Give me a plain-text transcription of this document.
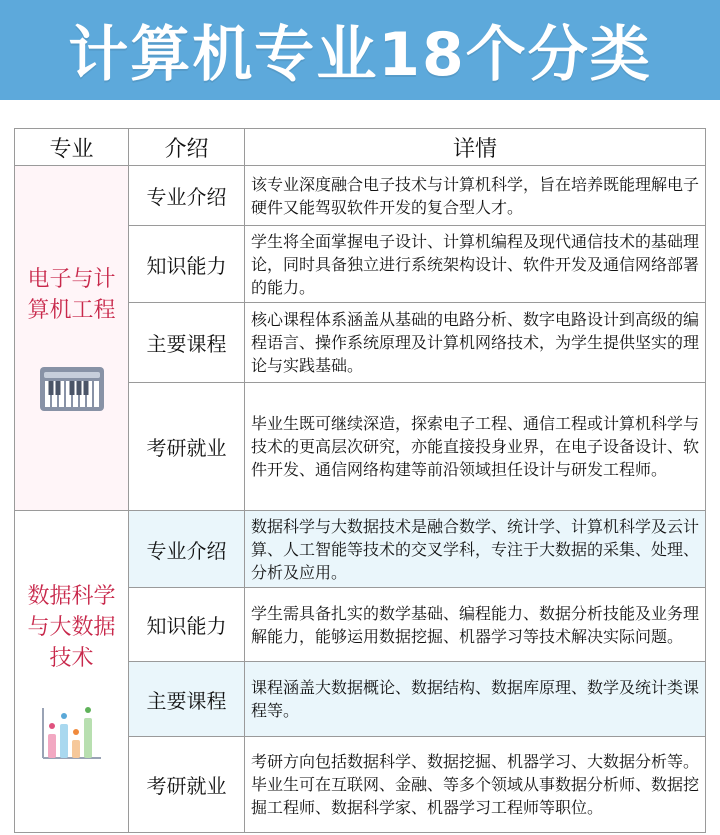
计算机专业18个分类
专业	介绍	详情

电子与计算机工程	专业介绍	该专业深度融合电子技术与计算机科学，旨在培养既能理解电子硬件又能驾驭软件开发的复合型人才。
	知识能力	学生将全面掌握电子设计、计算机编程及现代通信技术的基础理论，同时具备独立进行系统架构设计、软件开发及通信网络部署的能力。
	主要课程	核心课程体系涵盖从基础的电路分析、数字电路设计到高级的编程语言、操作系统原理及计算机网络技术，为学生提供坚实的理论与实践基础。
	考研就业	毕业生既可继续深造，探索电子工程、通信工程或计算机科学与技术的更高层次研究，亦能直接投身业界，在电子设备设计、软件开发、通信网络构建等前沿领域担任设计与研发工程师。

数据科学与大数据技术	专业介绍	数据科学与大数据技术是融合数学、统计学、计算机科学及云计算、人工智能等技术的交叉学科，专注于大数据的采集、处理、分析及应用。
	知识能力	学生需具备扎实的数学基础、编程能力、数据分析技能及业务理解能力，能够运用数据挖掘、机器学习等技术解决实际问题。
	主要课程	课程涵盖大数据概论、数据结构、数据库原理、数学及统计类课程等。
	考研就业	考研方向包括数据科学、数据挖掘、机器学习、大数据分析等。毕业生可在互联网、金融、等多个领域从事数据分析师、数据挖掘工程师、数据科学家、机器学习工程师等职位。
